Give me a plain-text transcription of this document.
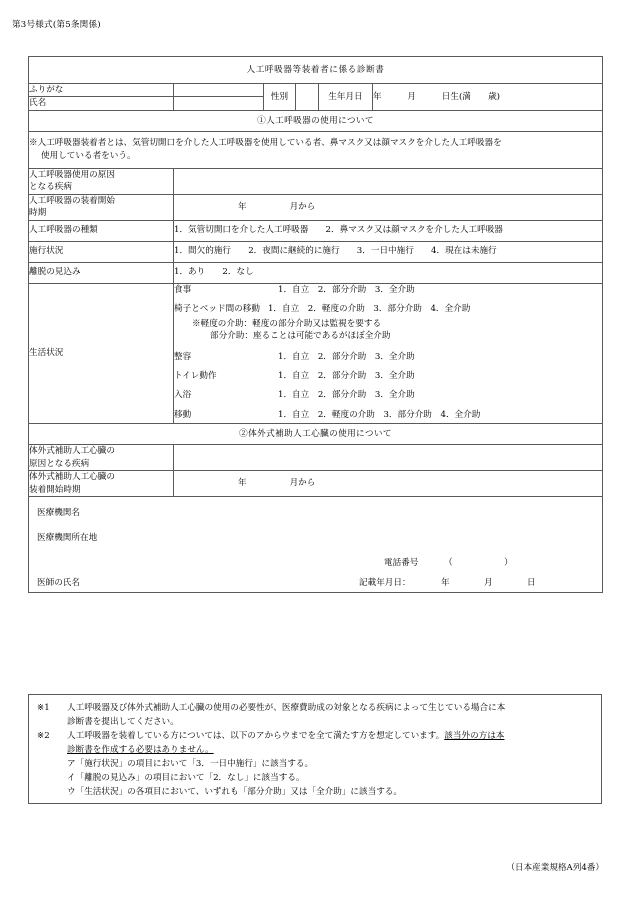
第3号様式(第5条関係)
人工呼吸器等装着者に係る診断書					
ふりがな		性別		生年月日	年　　　月　　　日生(満　　歳)
氏名					
①人工呼吸器の使用について					

※人工呼吸器装着者とは、気管切開口を介した人工呼吸器を使用している者、鼻マスク又は顔マスクを介した人工呼吸器を
使用している者をいう。					

人工呼吸器使用の原因
となる疾病					

人工呼吸器の装着開始
時期	年　　　　　月から				
人工呼吸器の種類	1．気管切開口を介した人工呼吸器　　2．鼻マスク又は顔マスクを介した人工呼吸器				
施行状況	1．間欠的施行　　2．夜間に継続的に施行　　3．一日中施行　　4．現在は未施行				
離脱の見込み	1．あり　　2．なし				
生活状況	
食事	1．自立　2．部分介助　3．全介助
椅子とベッド間の移動 1．自立　2．軽度の介助　3．部分介助　4．全介助
※軽度の介助：軽度の部分介助又は監視を要する
部分介助：座ることは可能であるがほぼ全介助
整容	1．自立　2．部分介助　3．全介助
トイレ動作	1．自立　2．部分介助　3．全介助
入浴	1．自立　2．部分介助　3．全介助
移動	1．自立　2．軽度の介助　3．部分介助　4．全介助

②体外式補助人工心臓の使用について					

体外式補助人工心臓の
原因となる疾病					

体外式補助人工心臓の
装着開始時期	年　　　　　月から				

医療機関名
医療機関所在地
電話番号	（　　　　　　）
医師の氏名	記載年月日：	年　　　　月　　　　日
※1	人工呼吸器及び体外式補助人工心臓の使用の必要性が、医療費助成の対象となる疾病によって生じている場合に本
診断書を提出してください。
※2	人工呼吸器を装着している方については、以下のアからウまでを全て満たす方を想定しています。該当外の方は本
診断書を作成する必要はありません。
ア「施行状況」の項目において「3．一日中施行」に該当する。
イ「離脱の見込み」の項目において「2．なし」に該当する。
ウ「生活状況」の各項目において、いずれも「部分介助」又は「全介助」に該当する。
（日本産業規格A列4番）
